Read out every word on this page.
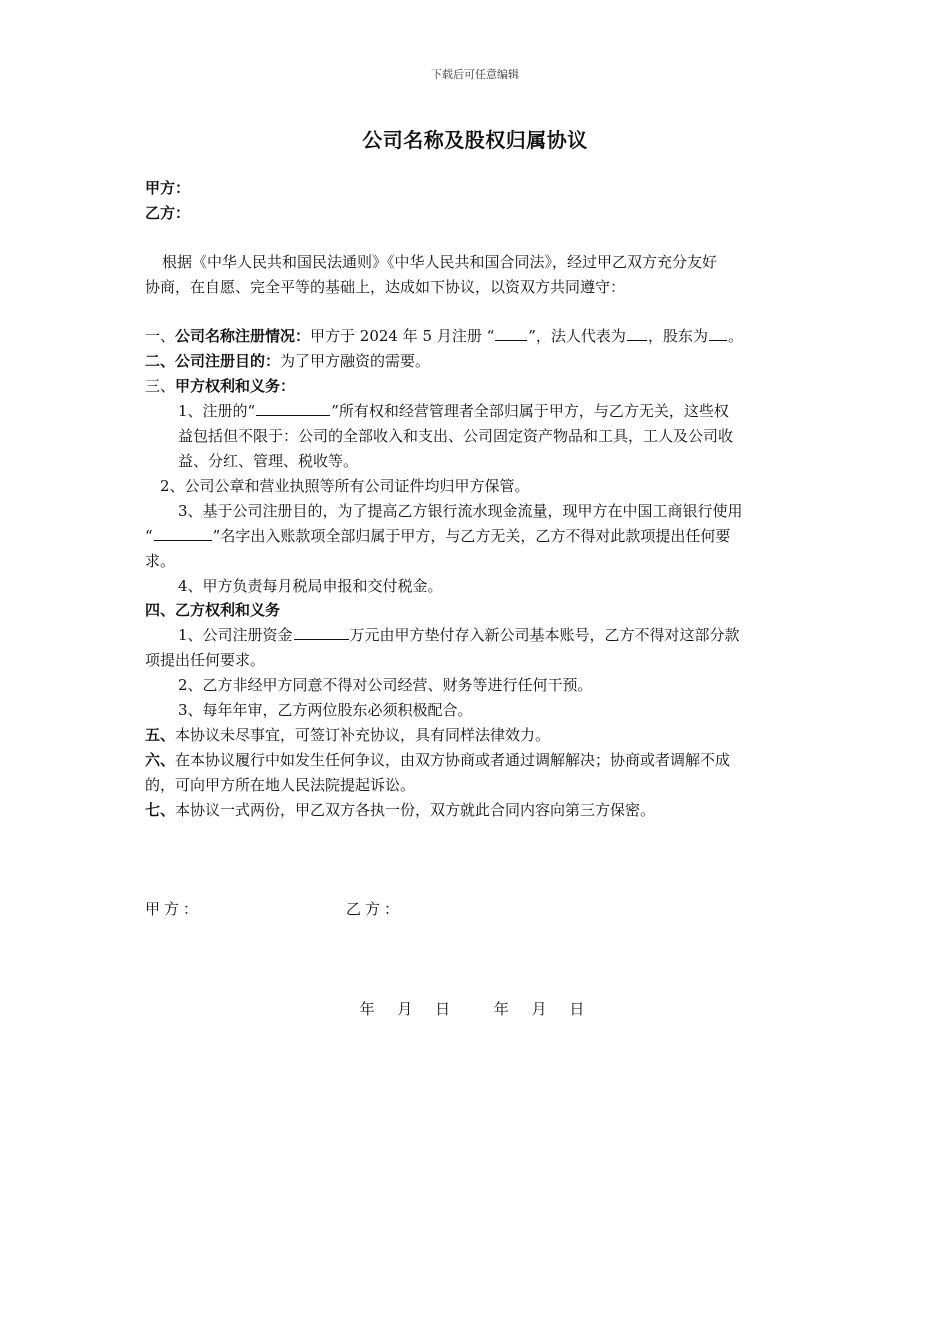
下载后可任意编辑
公司名称及股权归属协议
甲方：
乙方：
根据《中华人民共和国民法通则》《中华人民共和国合同法》，经过甲乙双方充分友好
协商，在自愿、完全平等的基础上，达成如下协议，以资双方共同遵守：
一、公司名称注册情况：甲方于 2024 年 5 月注册 “ ”，法人代表为 ，股东为 。
二、公司注册目的：为了甲方融资的需要。
三、甲方权利和义务：
1、注册的“	”所有权和经营管理者全部归属于甲方，与乙方无关，这些权
益包括但不限于：公司的全部收入和支出、公司固定资产物品和工具，工人及公司收
益、分红、管理、税收等。
2、公司公章和营业执照等所有公司证件均归甲方保管。
3、基于公司注册目的，为了提高乙方银行流水现金流量，现甲方在中国工商银行使用
“	”名字出入账款项全部归属于甲方，与乙方无关，乙方不得对此款项提出任何要
求。
4、甲方负责每月税局申报和交付税金。
四、乙方权利和义务
1、公司注册资金	万元由甲方垫付存入新公司基本账号，乙方不得对这部分款
项提出任何要求。
2、乙方非经甲方同意不得对公司经营、财务等进行任何干预。
3、每年年审，乙方两位股东必须积极配合。
五、本协议未尽事宜，可签订补充协议，具有同样法律效力。
六、在本协议履行中如发生任何争议，由双方协商或者通过调解解决；协商或者调解不成
的，可向甲方所在地人民法院提起诉讼。
七、本协议一式两份，甲乙双方各执一份，双方就此合同内容向第三方保密。
甲方：	乙方：
年 月 日　 年 月 日
